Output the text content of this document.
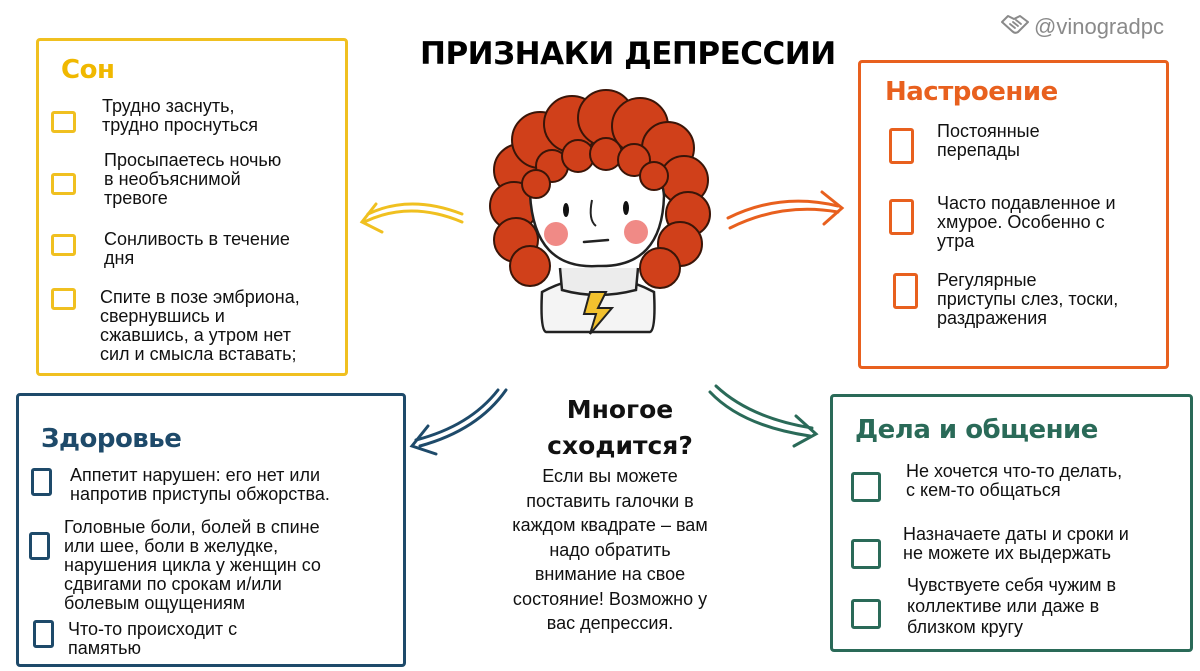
ПРИЗНАКИ ДЕПРЕССИИ
@vinogradpc
Сон
Трудно заснуть,
трудно проснуться
Просыпаетесь ночью
в необъяснимой
тревоге
Сонливость в течение
дня
Спите в позе эмбриона,
свернувшись и
сжавшись, а утром нет
сил и смысла вставать;
Настроение
Постоянные
перепады
Часто подавленное и
хмурое. Особенно с
утра
Регулярные
приступы слез, тоски,
раздражения
Здоровье
Аппетит нарушен: его нет или
напротив приступы обжорства.
Головные боли, болей в спине
или шее, боли в желудке,
нарушения цикла у женщин со
сдвигами по срокам и/или
болевым ощущениям
Что-то происходит с
памятью
Многое
сходится?
Если вы можете
поставить галочки в
каждом квадрате – вам
надо обратить
внимание на свое
состояние! Возможно у
вас депрессия.
Дела и общение
Не хочется что-то делать,
с кем-то общаться
Назначаете даты и сроки и
не можете их выдержать
Чувствуете себя чужим в
коллективе или даже в
близком кругу
